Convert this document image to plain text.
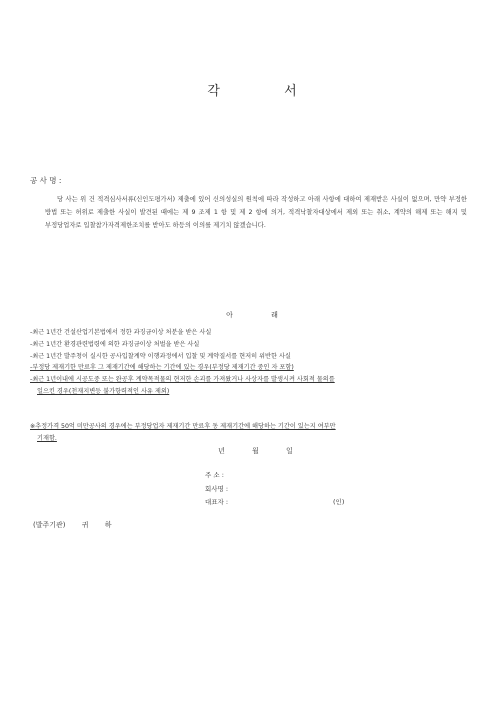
각 서
공 사 명 :
당 사는 위 건 적격심사서류(신인도평가서) 제출에 있어 신의성실의 원칙에 따라 작성하고 아래 사항에 대하여 제재받은 사실이 없으며, 만약 부정한 방법 또는 허위로 제출한 사실이 발견된 때에는 제 9 조제 1 항 및 제 2 항에 의거, 적격낙찰자대상에서 제외 또는 취소, 계약의 해제 또는 해지 및 부정당업자로 입찰참가자격제한조치를 받아도 하등의 이의를 제기치 않겠습니다.
아 래
-최근 1년간 건설산업기본법에서 정한 과징금이상 처분을 받은 사실
-최근 1년간 환경관련법령에 의한 과징금이상 처벌을 받은 사실
-최근 1년간 발주청이 실시한 공사입찰계약 이행과정에서 입찰 및 계약질서를 현저히 위반한 사실
-부정당 제재기한 만료후 그 제재기간에 해당하는 기간에 있는 경우(부정당 제재기간 중인 자 포함)
-최근 1년이내에 시공도중 또는 완공후 계약목적물의 현저한 손괴를 가져왔거나 사상자를 발생시켜 사회적 물의를
일으킨 경우(천재지변등 불가항력적인 사유 제외)
※추정가격 50억 미만공사의 경우에는 부정당업자 제재기간 만료후 동 제재기간에 해당하는 기간이 있는지 여부만
기재함.
년	월	일
주 소 :
회사명 :
대표자 :	(인)
(발주기관) 귀 하
